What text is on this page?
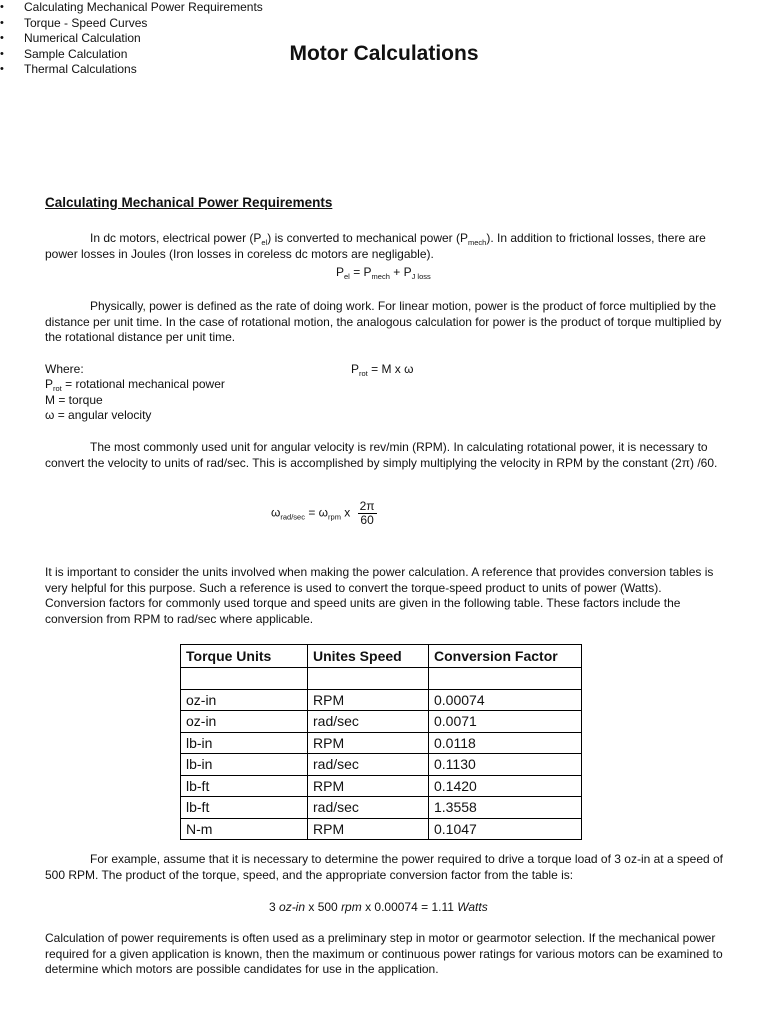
Motor Calculations
• Calculating Mechanical Power Requirements
• Torque - Speed Curves
• Numerical Calculation
• Sample Calculation
• Thermal Calculations
Calculating Mechanical Power Requirements
In dc motors, electrical power $(P_{el})$ is converted to mechanical power $(P_{mech})$. In addition to frictional losses, there are power losses in Joules (Iron losses in coreless dc motors are negligable).
$P_{el} = P_{mech} + P_{J loss}$
Physically, power is defined as the rate of doing work. For linear motion, power is the product of force multiplied by the distance per unit time. In the case of rotational motion, the analogous calculation for power is the product of torque multiplied by the rotational distance per unit time.
Where:	$P_{rot} = M$ x ω
$P_{rot}$ = rotational mechanical power
M = torque
ω = angular velocity
The most commonly used unit for angular velocity is rev/min (RPM). In calculating rotational power, it is necessary to convert the velocity to units of rad/sec. This is accomplished by simply multiplying the velocity in RPM by the constant (2π) /60.
$\omega_{rad/sec} = \omega_{rpm}$ x $\frac{2\pi}{60}$
It is important to consider the units involved when making the power calculation. A reference that provides conversion tables is very helpful for this purpose. Such a reference is used to convert the torque-speed product to units of power (Watts). Conversion factors for commonly used torque and speed units are given in the following table. These factors include the conversion from RPM to rad/sec where applicable.
Torque Units	Unites Speed	Conversion Factor

oz-in	RPM	0.00074
oz-in	rad/sec	0.0071
lb-in	RPM	0.0118
lb-in	rad/sec	0.1130
lb-ft	RPM	0.1420
lb-ft	rad/sec	1.3558
N-m	RPM	0.1047
For example, assume that it is necessary to determine the power required to drive a torque load of 3 oz-in at a speed of 500 RPM. The product of the torque, speed, and the appropriate conversion factor from the table is:
3 oz-in x 500 rpm x 0.00074 = 1.11 Watts
Calculation of power requirements is often used as a preliminary step in motor or gearmotor selection. If the mechanical power required for a given application is known, then the maximum or continuous power ratings for various motors can be examined to determine which motors are possible candidates for use in the application.
